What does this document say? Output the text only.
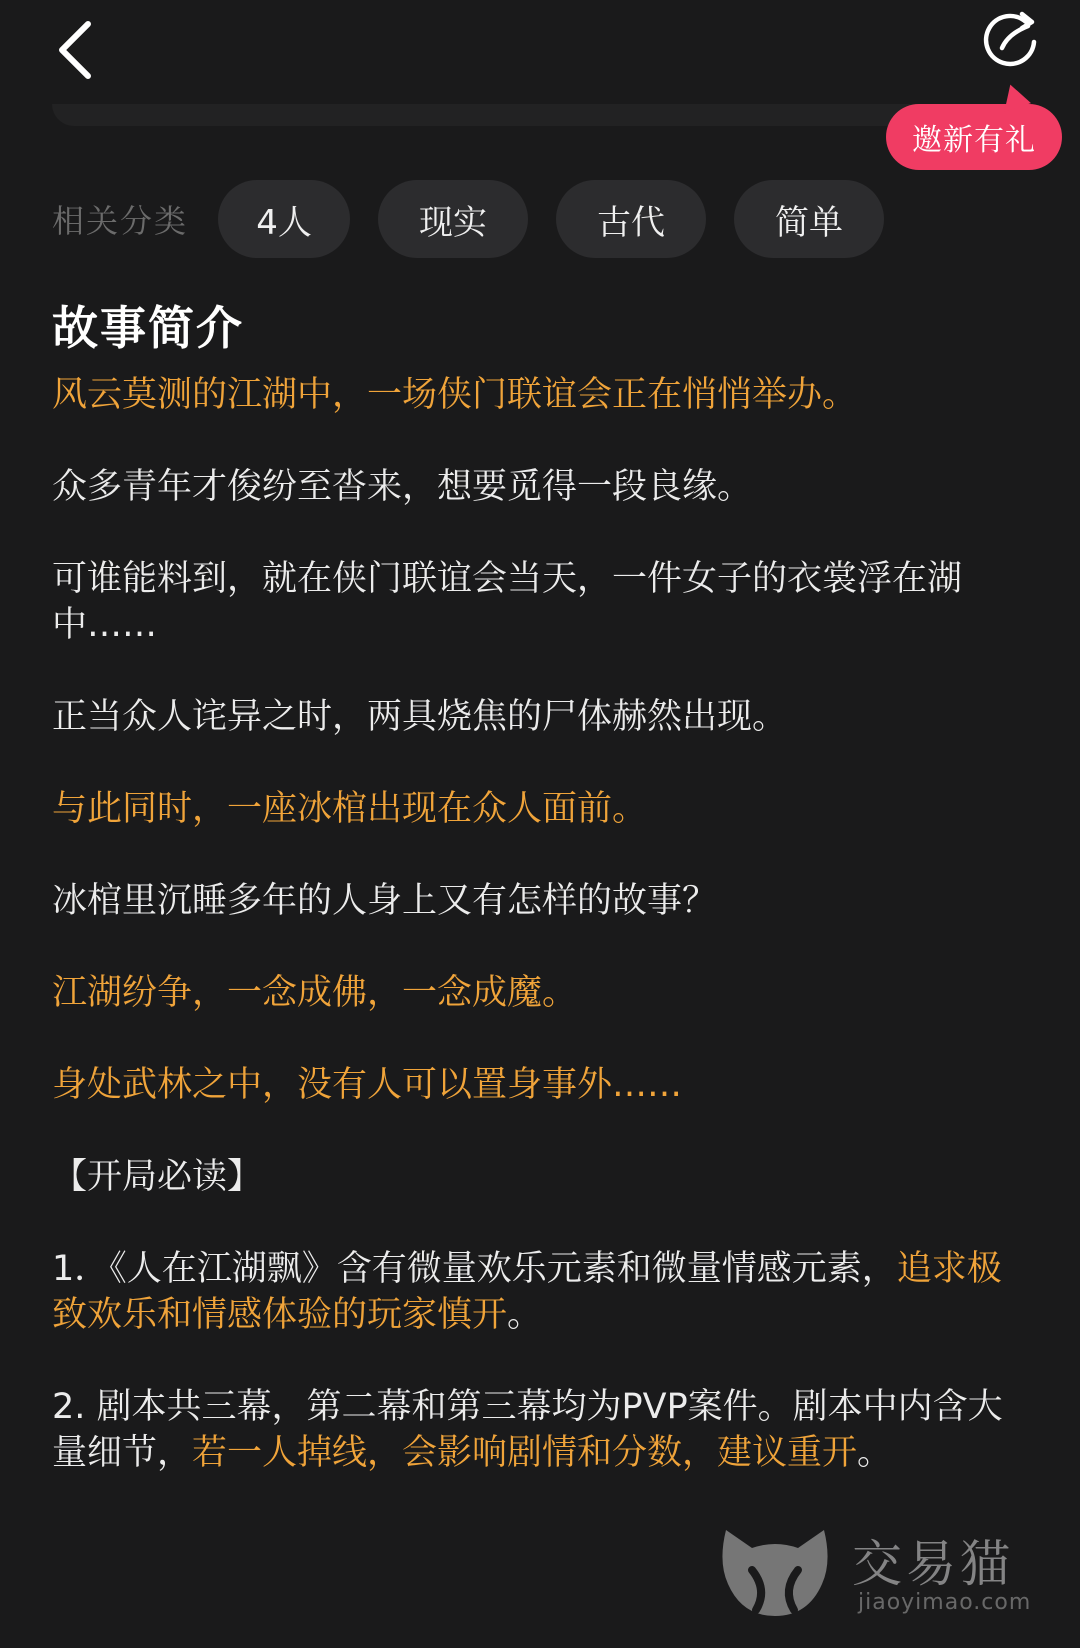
邀新有礼
相关分类	4人	现实	古代	简单
故事简介

风云莫测的江湖中，一场侠门联谊会正在悄悄举办。

众多青年才俊纷至沓来，想要觅得一段良缘。

可谁能料到，就在侠门联谊会当天，一件女子的衣裳浮在湖中……

正当众人诧异之时，两具烧焦的尸体赫然出现。

与此同时，一座冰棺出现在众人面前。

冰棺里沉睡多年的人身上又有怎样的故事？

江湖纷争，一念成佛，一念成魔。

身处武林之中，没有人可以置身事外……

【开局必读】

1．《人在江湖飘》含有微量欢乐元素和微量情感元素，追求极致欢乐和情感体验的玩家慎开。

2. 剧本共三幕，第二幕和第三幕均为PVP案件。剧本中内含大量细节，若一人掉线，会影响剧情和分数，建议重开。

交易猫
jiaoyimao.com
